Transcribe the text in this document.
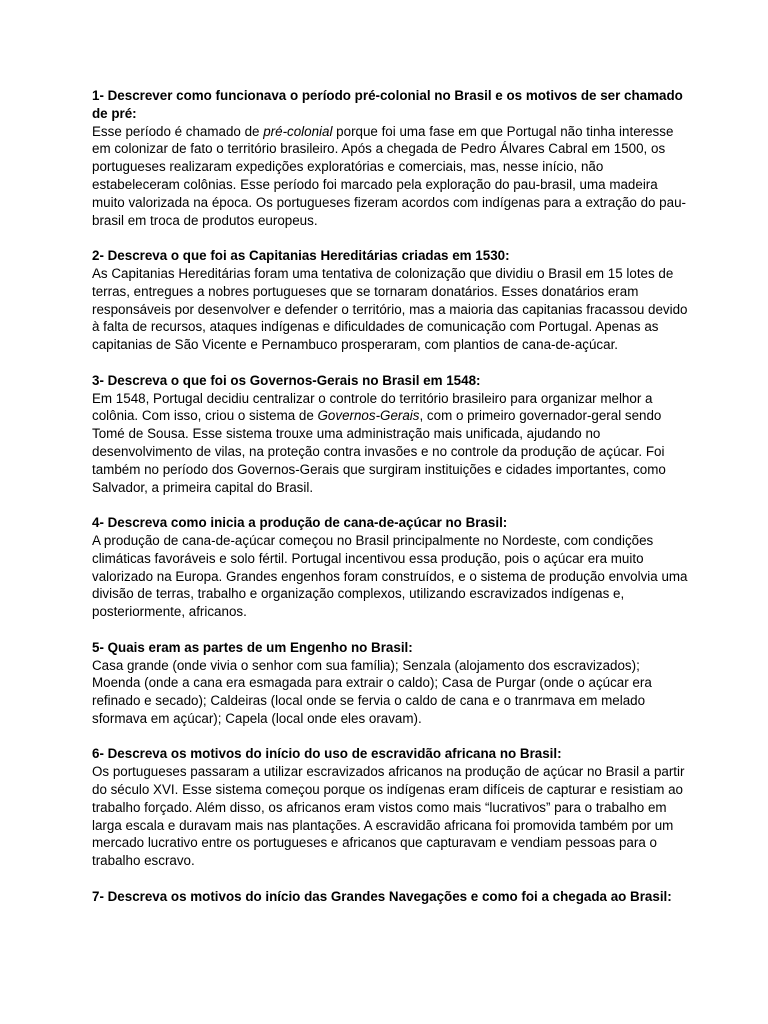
1- Descrever como funcionava o período pré-colonial no Brasil e os motivos de ser chamado de pré:

Esse período é chamado de pré-colonial porque foi uma fase em que Portugal não tinha interesse em colonizar de fato o território brasileiro. Após a chegada de Pedro Álvares Cabral em 1500, os portugueses realizaram expedições exploratórias e comerciais, mas, nesse início, não estabeleceram colônias. Esse período foi marcado pela exploração do pau-brasil, uma madeira muito valorizada na época. Os portugueses fizeram acordos com indígenas para a extração do pau-brasil em troca de produtos europeus.

2- Descreva o que foi as Capitanias Hereditárias criadas em 1530:

As Capitanias Hereditárias foram uma tentativa de colonização que dividiu o Brasil em 15 lotes de terras, entregues a nobres portugueses que se tornaram donatários. Esses donatários eram responsáveis por desenvolver e defender o território, mas a maioria das capitanias fracassou devido à falta de recursos, ataques indígenas e dificuldades de comunicação com Portugal. Apenas as capitanias de São Vicente e Pernambuco prosperaram, com plantios de cana-de-açúcar.

3- Descreva o que foi os Governos-Gerais no Brasil em 1548:

Em 1548, Portugal decidiu centralizar o controle do território brasileiro para organizar melhor a colônia. Com isso, criou o sistema de Governos-Gerais, com o primeiro governador-geral sendo Tomé de Sousa. Esse sistema trouxe uma administração mais unificada, ajudando no desenvolvimento de vilas, na proteção contra invasões e no controle da produção de açúcar. Foi também no período dos Governos-Gerais que surgiram instituições e cidades importantes, como Salvador, a primeira capital do Brasil.

4- Descreva como inicia a produção de cana-de-açúcar no Brasil:

A produção de cana-de-açúcar começou no Brasil principalmente no Nordeste, com condições climáticas favoráveis e solo fértil. Portugal incentivou essa produção, pois o açúcar era muito valorizado na Europa. Grandes engenhos foram construídos, e o sistema de produção envolvia uma divisão de terras, trabalho e organização complexos, utilizando escravizados indígenas e, posteriormente, africanos.

5- Quais eram as partes de um Engenho no Brasil:

Casa grande (onde vivia o senhor com sua família); Senzala (alojamento dos escravizados); Moenda (onde a cana era esmagada para extrair o caldo); Casa de Purgar (onde o açúcar era refinado e secado); Caldeiras (local onde se fervia o caldo de cana e o tranrmava em melado sformava em açúcar); Capela (local onde eles oravam).

6- Descreva os motivos do início do uso de escravidão africana no Brasil:

Os portugueses passaram a utilizar escravizados africanos na produção de açúcar no Brasil a partir do século XVI. Esse sistema começou porque os indígenas eram difíceis de capturar e resistiam ao trabalho forçado. Além disso, os africanos eram vistos como mais “lucrativos” para o trabalho em larga escala e duravam mais nas plantações. A escravidão africana foi promovida também por um mercado lucrativo entre os portugueses e africanos que capturavam e vendiam pessoas para o trabalho escravo.

7- Descreva os motivos do início das Grandes Navegações e como foi a chegada ao Brasil:
